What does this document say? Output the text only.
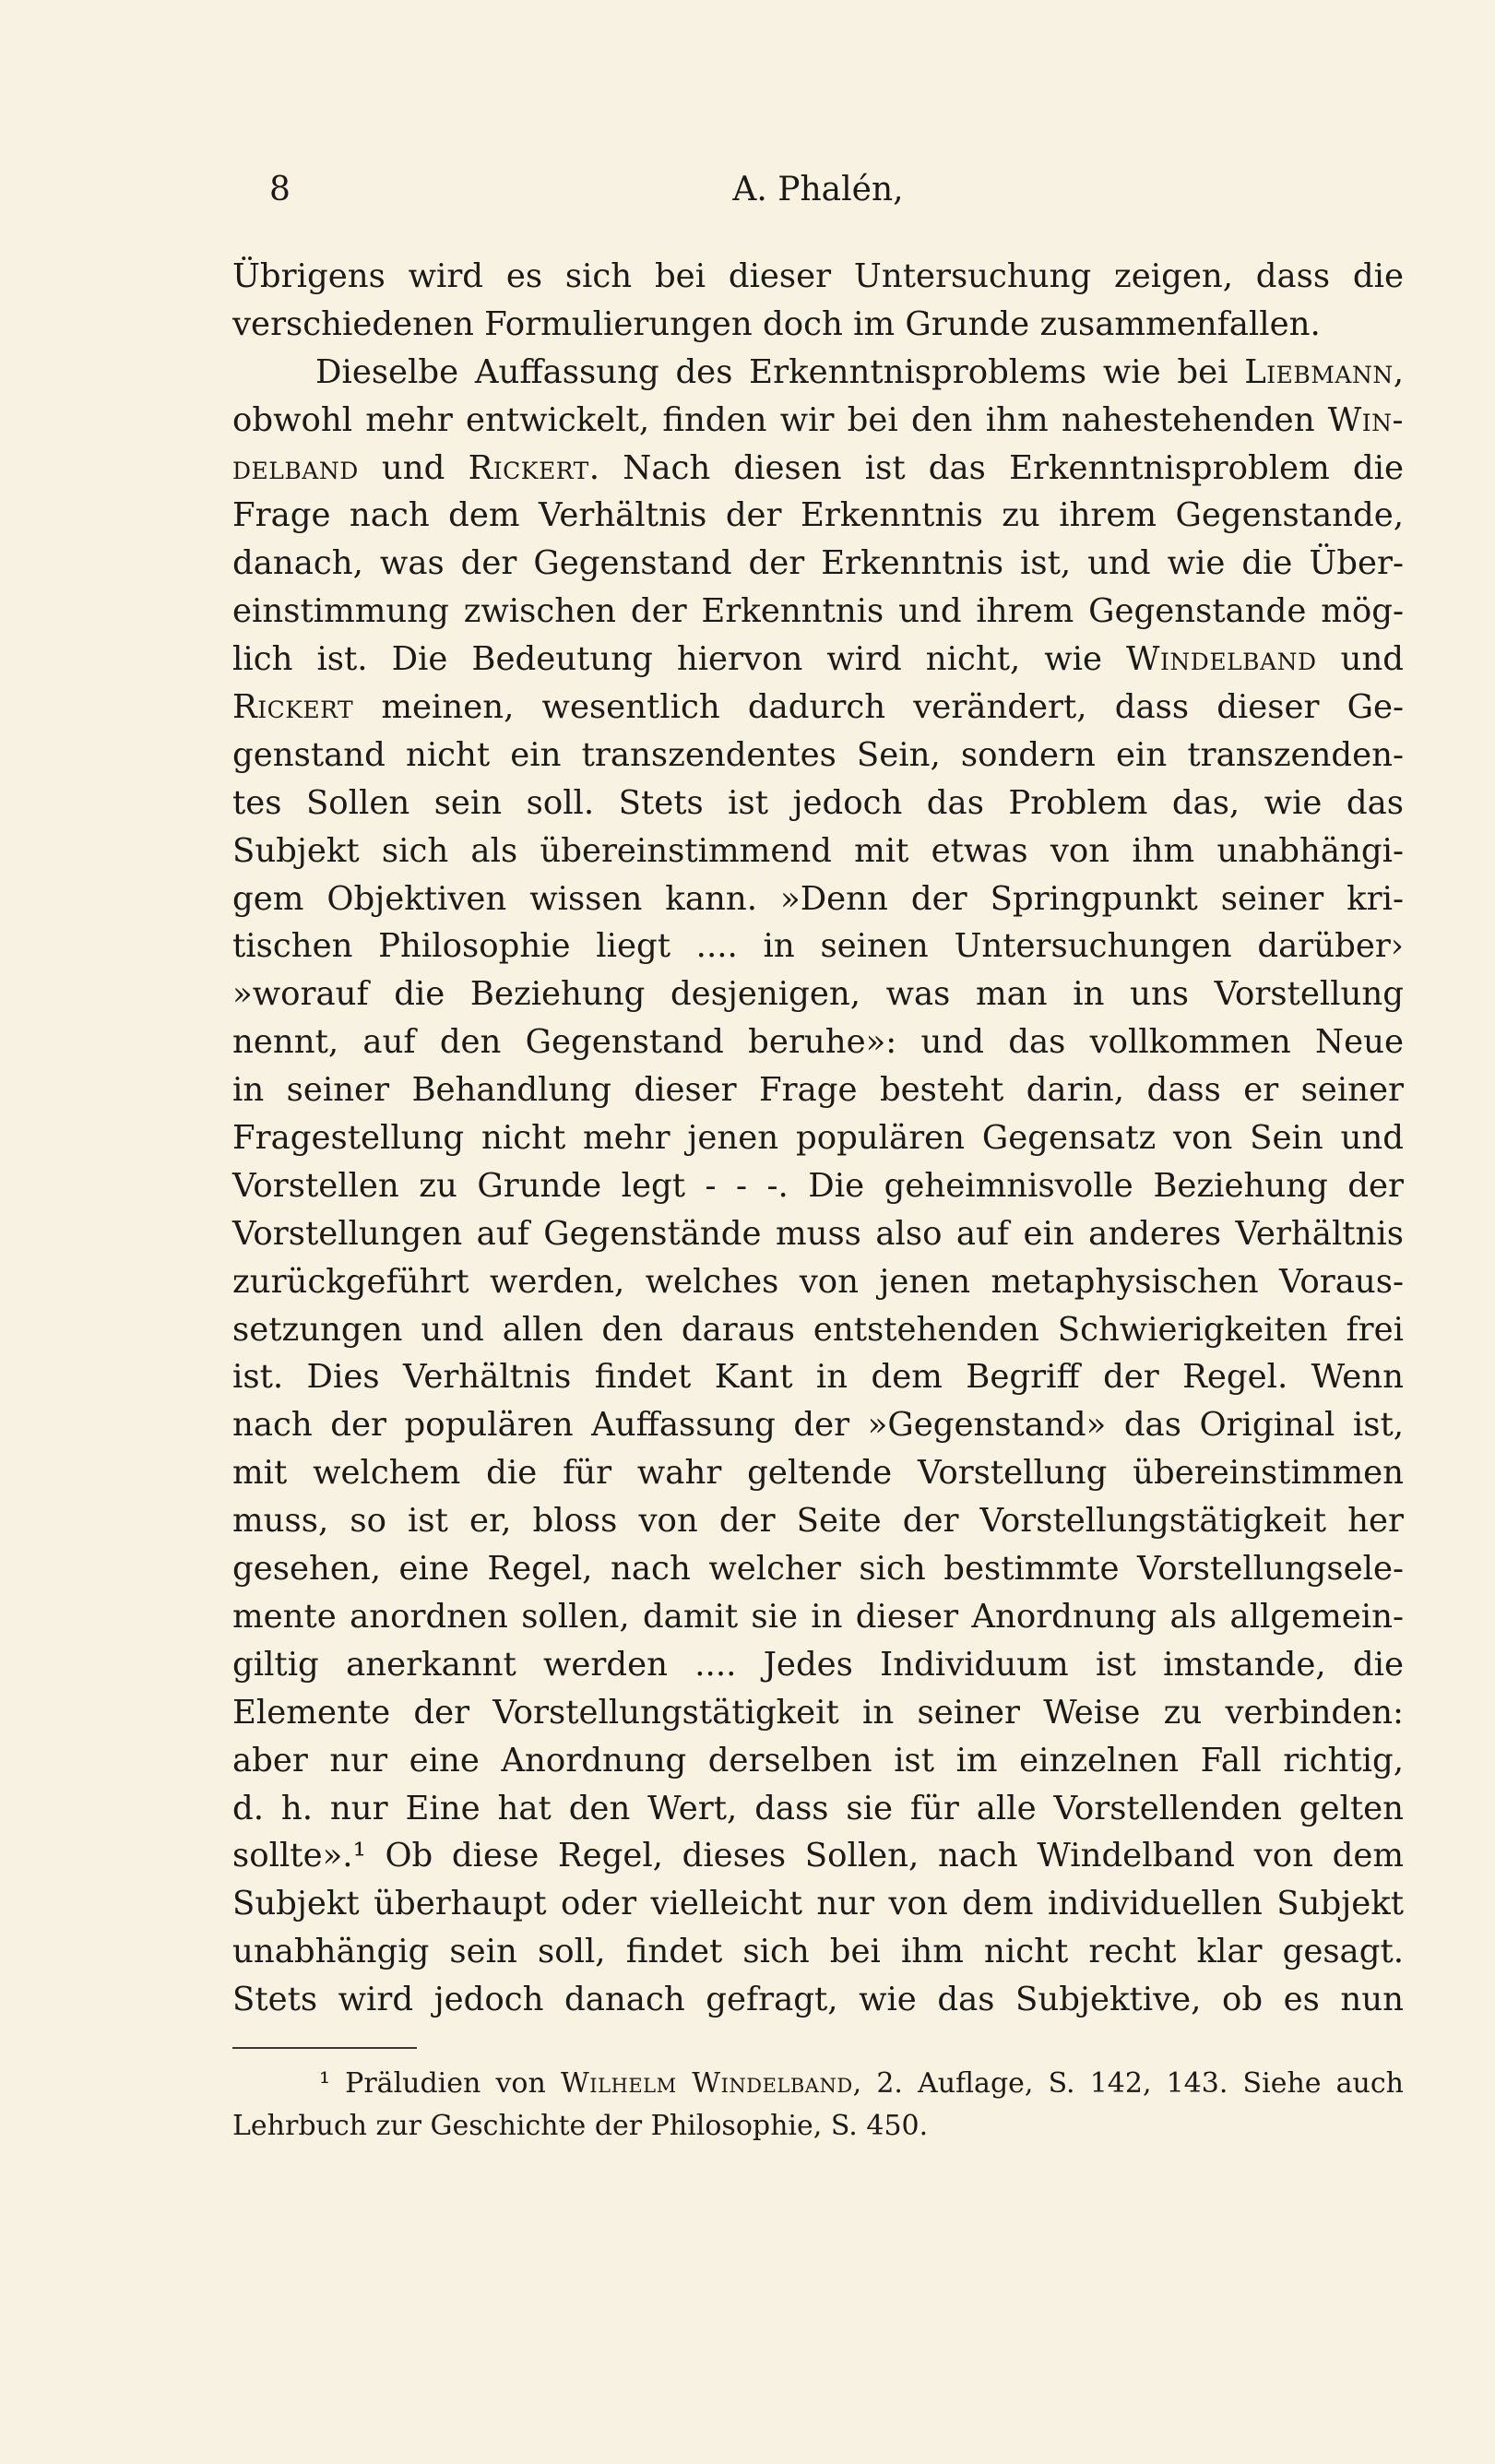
8	A. Phalén,
Übrigens wird es sich bei dieser Untersuchung zeigen, dass die
verschiedenen Formulierungen doch im Grunde zusammenfallen.
Dieselbe Auffassung des Erkenntnisproblems wie bei Liebmann,
obwohl mehr entwickelt, finden wir bei den ihm nahestehenden Win-
delband und Rickert. Nach diesen ist das Erkenntnisproblem die
Frage nach dem Verhältnis der Erkenntnis zu ihrem Gegenstande,
danach, was der Gegenstand der Erkenntnis ist, und wie die Über-
einstimmung zwischen der Erkenntnis und ihrem Gegenstande mög-
lich ist. Die Bedeutung hiervon wird nicht, wie Windelband und
Rickert meinen, wesentlich dadurch verändert, dass dieser Ge-
genstand nicht ein transzendentes Sein, sondern ein transzenden-
tes Sollen sein soll. Stets ist jedoch das Problem das, wie das
Subjekt sich als übereinstimmend mit etwas von ihm unabhängi-
gem Objektiven wissen kann. »Denn der Springpunkt seiner kri-
tischen Philosophie liegt .... in seinen Untersuchungen darüber›
»worauf die Beziehung desjenigen, was man in uns Vorstellung
nennt, auf den Gegenstand beruhe»: und das vollkommen Neue
in seiner Behandlung dieser Frage besteht darin, dass er seiner
Fragestellung nicht mehr jenen populären Gegensatz von Sein und
Vorstellen zu Grunde legt - - -. Die geheimnisvolle Beziehung der
Vorstellungen auf Gegenstände muss also auf ein anderes Verhältnis
zurückgeführt werden, welches von jenen metaphysischen Voraus-
setzungen und allen den daraus entstehenden Schwierigkeiten frei
ist. Dies Verhältnis findet Kant in dem Begriff der Regel. Wenn
nach der populären Auffassung der »Gegenstand» das Original ist,
mit welchem die für wahr geltende Vorstellung übereinstimmen
muss, so ist er, bloss von der Seite der Vorstellungstätigkeit her
gesehen, eine Regel, nach welcher sich bestimmte Vorstellungsele-
mente anordnen sollen, damit sie in dieser Anordnung als allgemein-
giltig anerkannt werden .... Jedes Individuum ist imstande, die
Elemente der Vorstellungstätigkeit in seiner Weise zu verbinden:
aber nur eine Anordnung derselben ist im einzelnen Fall richtig,
d. h. nur Eine hat den Wert, dass sie für alle Vorstellenden gelten
sollte».¹ Ob diese Regel, dieses Sollen, nach Windelband von dem
Subjekt überhaupt oder vielleicht nur von dem individuellen Subjekt
unabhängig sein soll, findet sich bei ihm nicht recht klar gesagt.
Stets wird jedoch danach gefragt, wie das Subjektive, ob es nun
¹ Präludien von Wilhelm Windelband, 2. Auflage, S. 142, 143. Siehe auch
Lehrbuch zur Geschichte der Philosophie, S. 450.
